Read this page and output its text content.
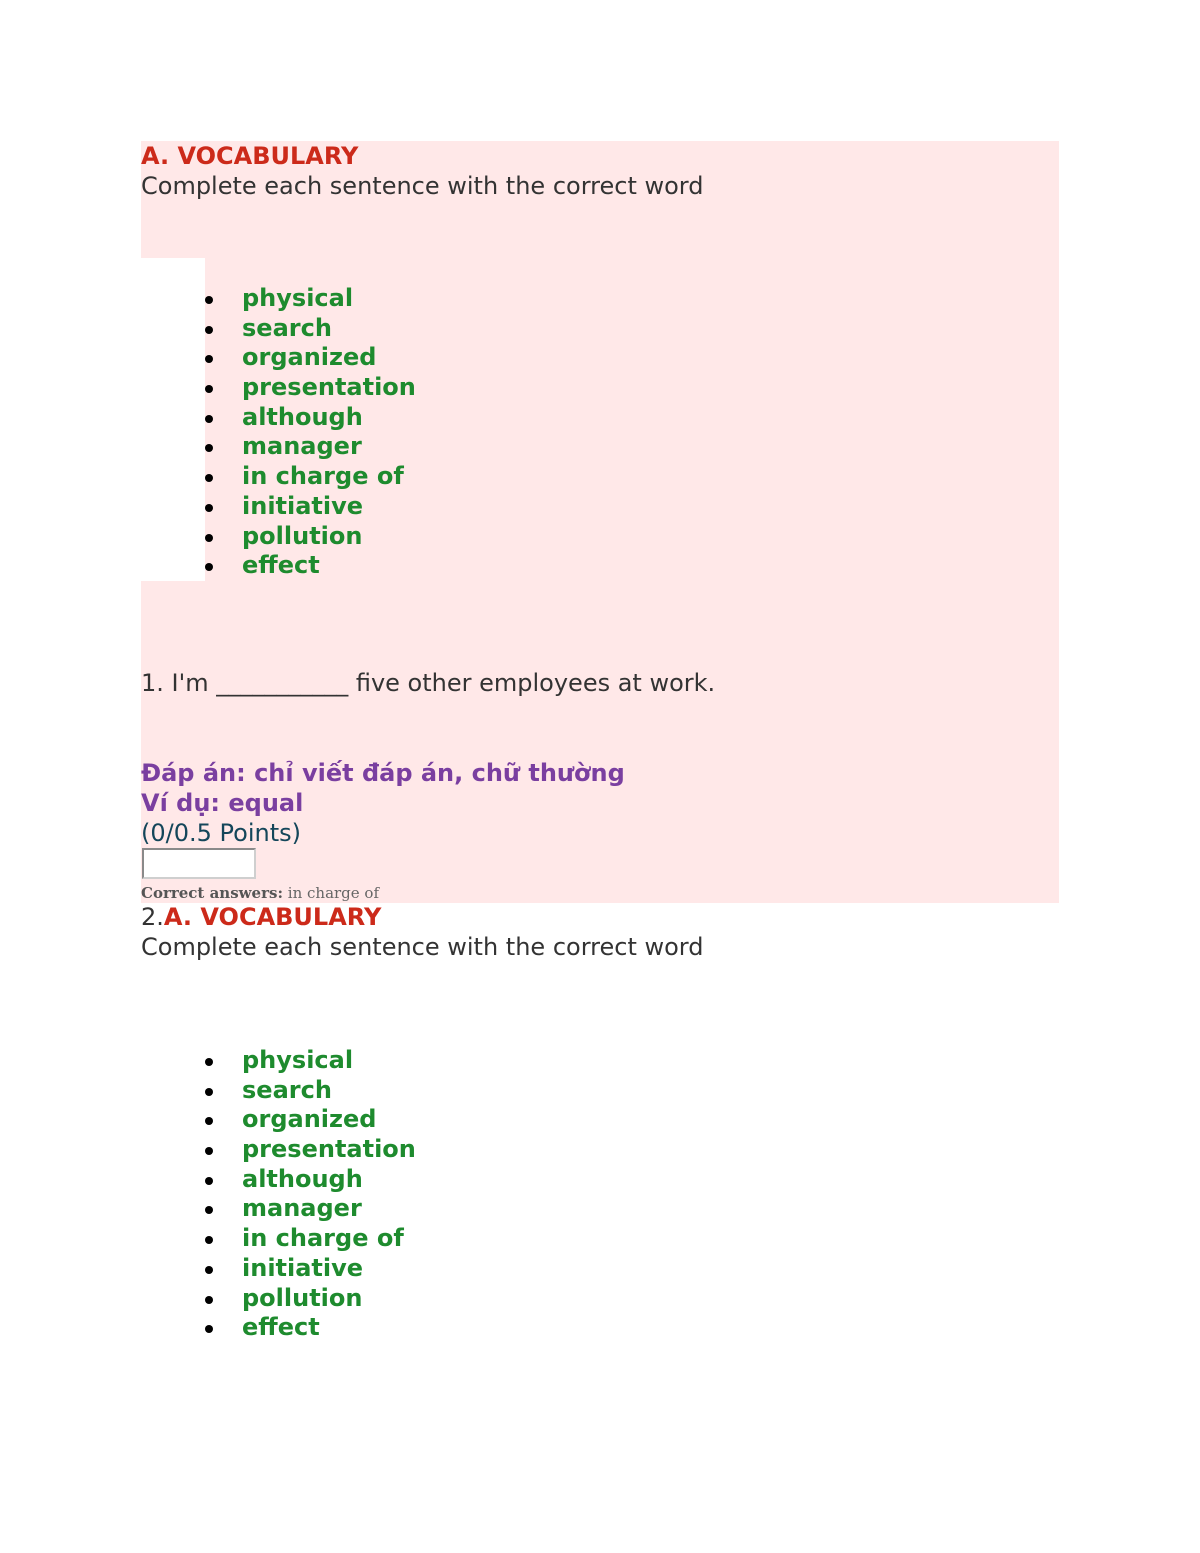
A. VOCABULARY
Complete each sentence with the correct word
physical
search
organized
presentation
although
manager
in charge of
initiative
pollution
effect
1. I'm ___________ five other employees at work.
Đáp án: chỉ viết đáp án, chữ thường
Ví dụ: equal
(0/0.5 Points)
Correct answers: in charge of
2.A. VOCABULARY
Complete each sentence with the correct word
physical
search
organized
presentation
although
manager
in charge of
initiative
pollution
effect
